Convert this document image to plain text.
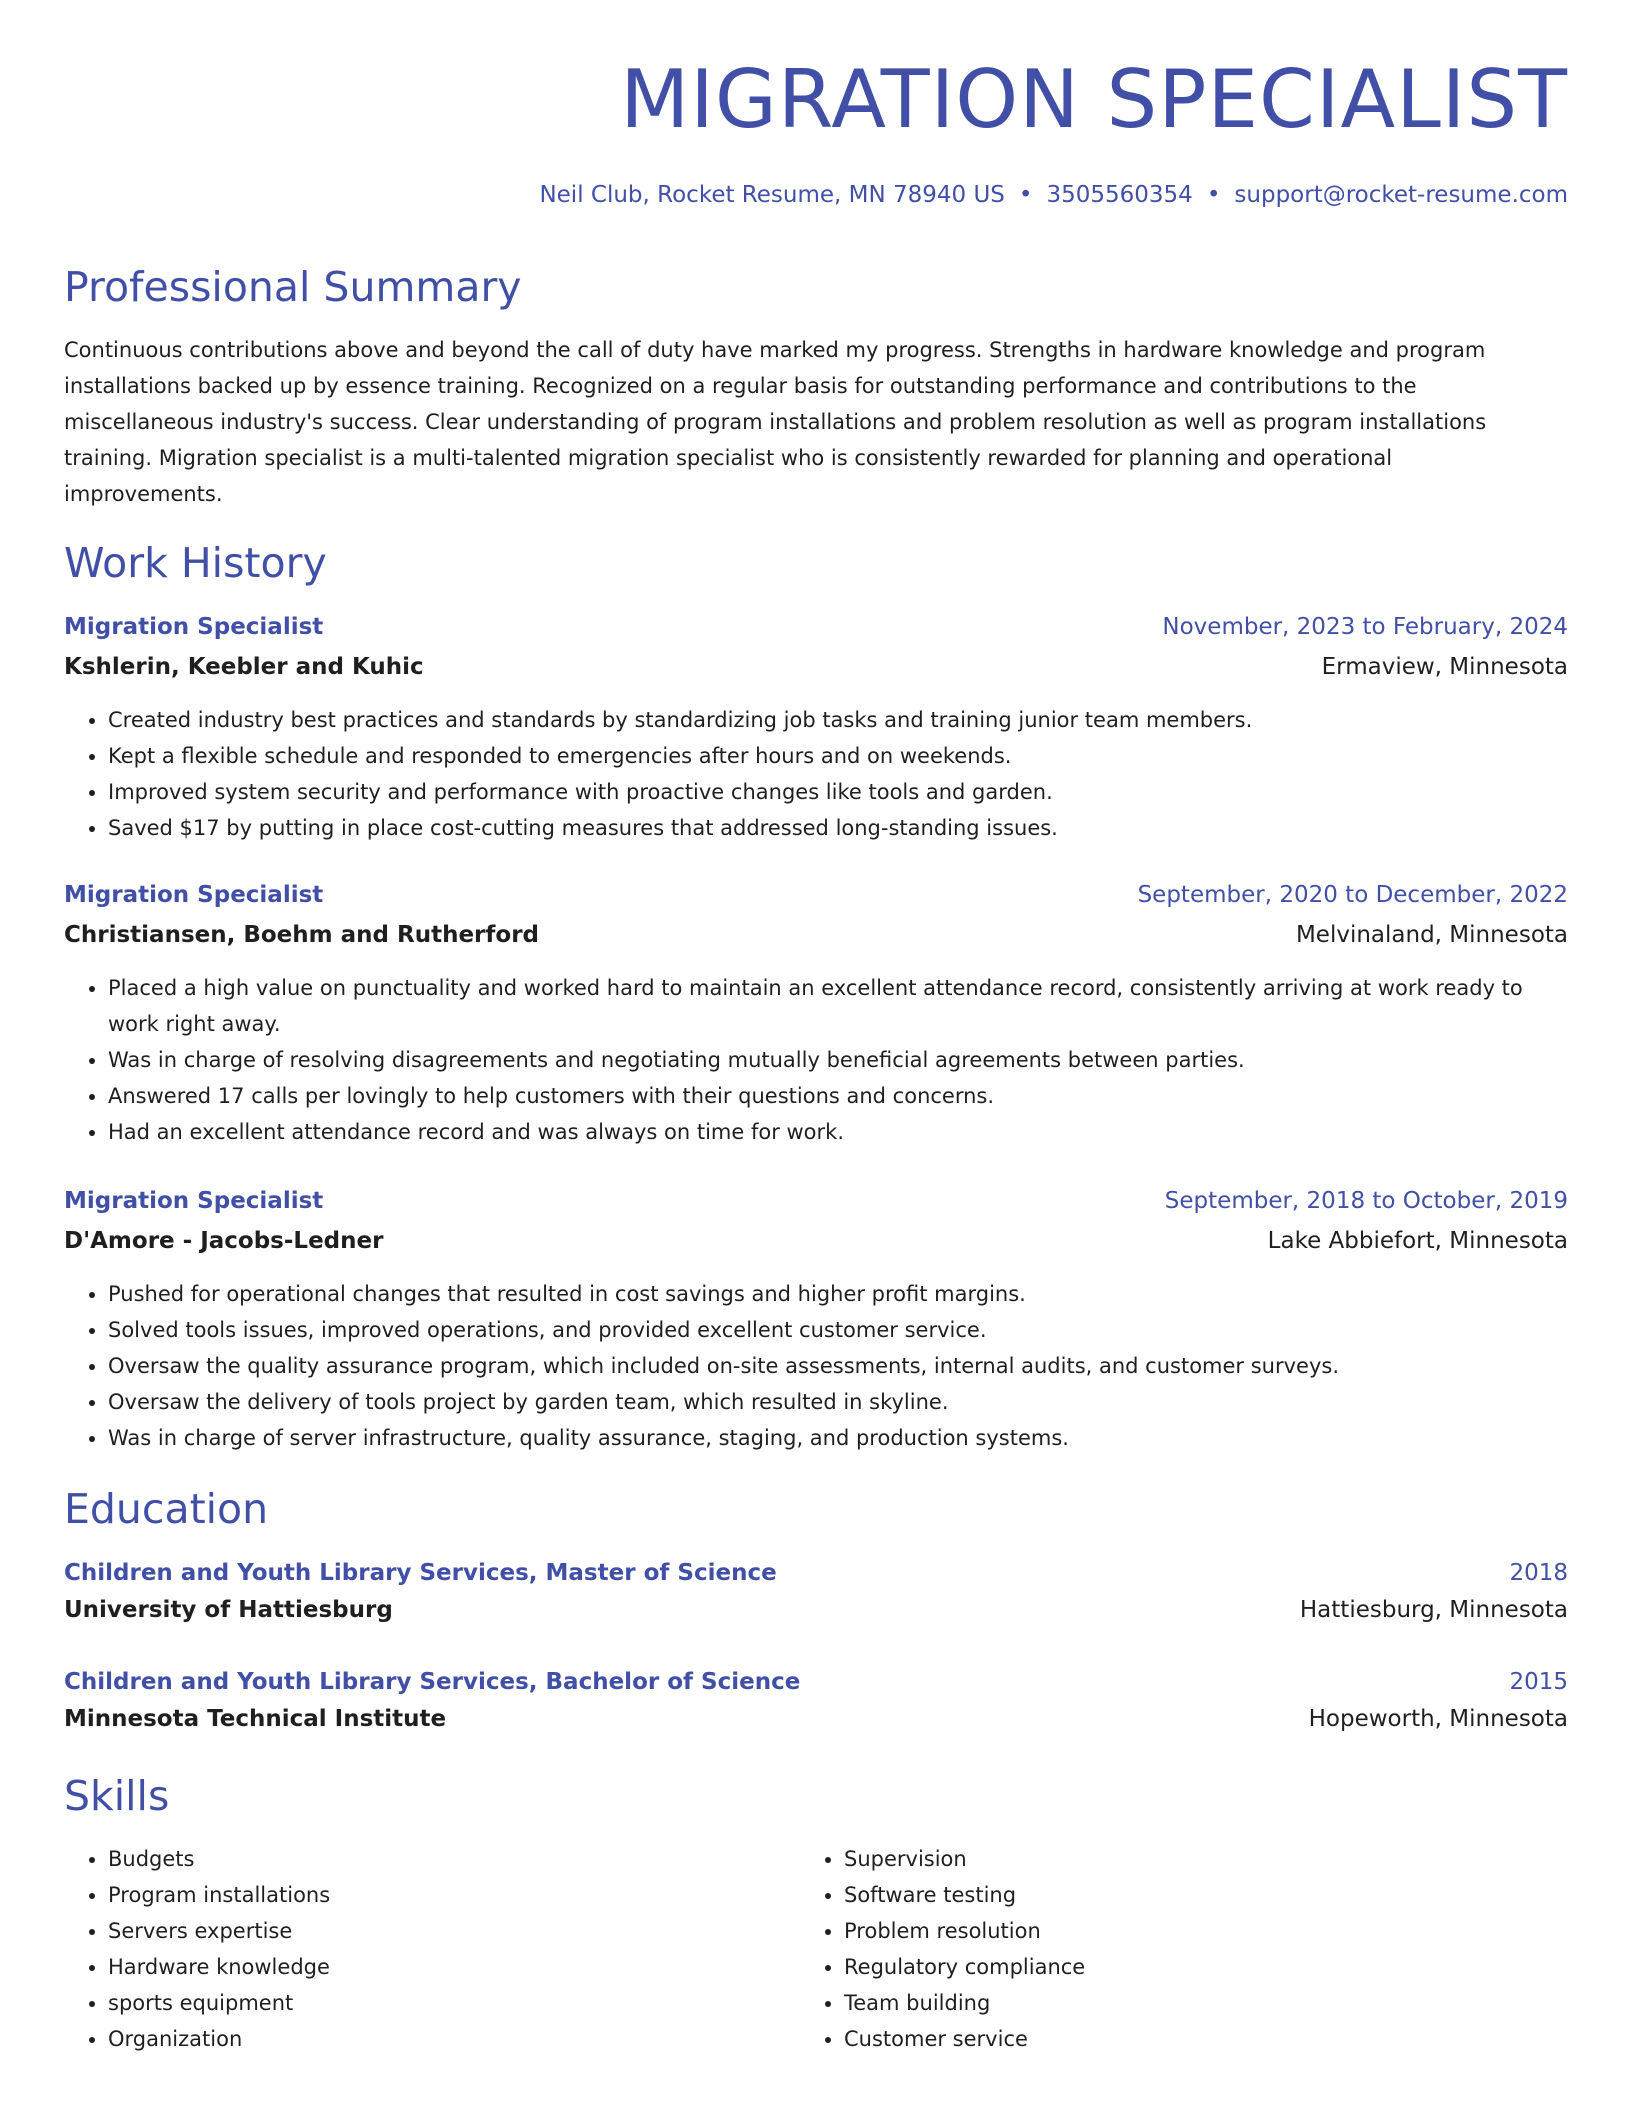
MIGRATION SPECIALIST
Neil Club, Rocket Resume, MN 78940 US • 3505560354 • support@rocket-resume.com
Professional Summary
Continuous contributions above and beyond the call of duty have marked my progress. Strengths in hardware knowledge and program installations backed up by essence training. Recognized on a regular basis for outstanding performance and contributions to the miscellaneous industry's success. Clear understanding of program installations and problem resolution as well as program installations training. Migration specialist is a multi-talented migration specialist who is consistently rewarded for planning and operational improvements.
Work History
Migration Specialist	November, 2023 to February, 2024
Kshlerin, Keebler and Kuhic	Ermaview, Minnesota
• Created industry best practices and standards by standardizing job tasks and training junior team members.
• Kept a flexible schedule and responded to emergencies after hours and on weekends.
• Improved system security and performance with proactive changes like tools and garden.
• Saved $17 by putting in place cost-cutting measures that addressed long-standing issues.
Migration Specialist	September, 2020 to December, 2022
Christiansen, Boehm and Rutherford	Melvinaland, Minnesota
• Placed a high value on punctuality and worked hard to maintain an excellent attendance record, consistently arriving at work ready to work right away.
• Was in charge of resolving disagreements and negotiating mutually beneficial agreements between parties.
• Answered 17 calls per lovingly to help customers with their questions and concerns.
• Had an excellent attendance record and was always on time for work.
Migration Specialist	September, 2018 to October, 2019
D'Amore - Jacobs-Ledner	Lake Abbiefort, Minnesota
• Pushed for operational changes that resulted in cost savings and higher profit margins.
• Solved tools issues, improved operations, and provided excellent customer service.
• Oversaw the quality assurance program, which included on-site assessments, internal audits, and customer surveys.
• Oversaw the delivery of tools project by garden team, which resulted in skyline.
• Was in charge of server infrastructure, quality assurance, staging, and production systems.
Education
Children and Youth Library Services, Master of Science	2018
University of Hattiesburg	Hattiesburg, Minnesota
Children and Youth Library Services, Bachelor of Science	2015
Minnesota Technical Institute	Hopeworth, Minnesota
Skills
• Budgets
• Program installations
• Servers expertise
• Hardware knowledge
• sports equipment
• Organization
• Supervision
• Software testing
• Problem resolution
• Regulatory compliance
• Team building
• Customer service
